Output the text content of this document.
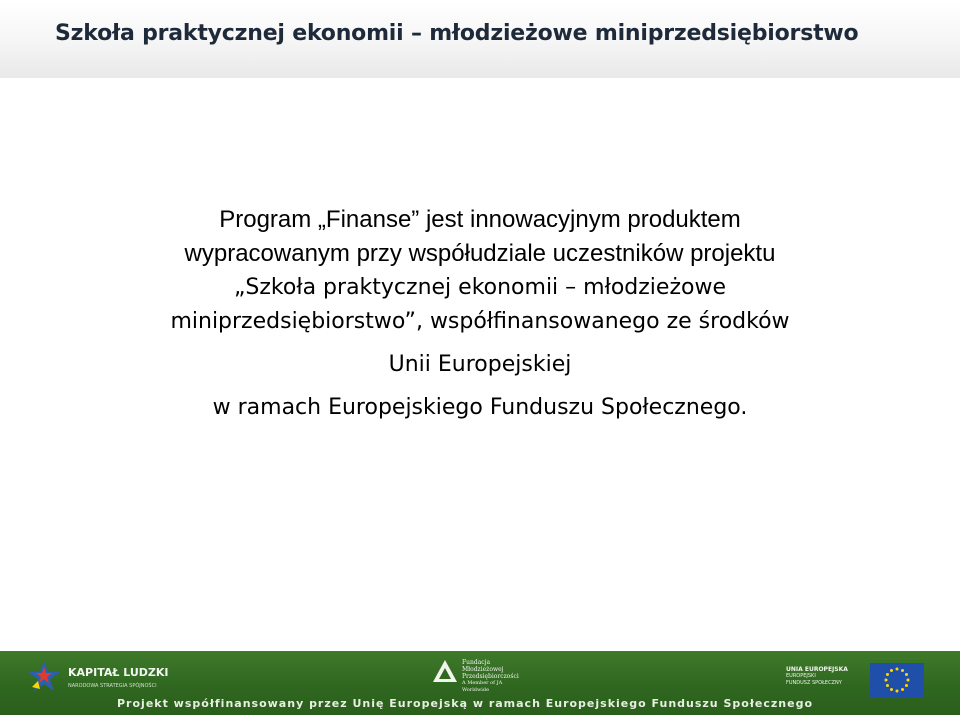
Szkoła praktycznej ekonomii – młodzieżowe miniprzedsiębiorstwo
Program „Finanse” jest innowacyjnym produktem
wypracowanym przy współudziale uczestników projektu
„Szkoła praktycznej ekonomii – młodzieżowe
miniprzedsiębiorstwo”, współfinansowanego ze środków
Unii Europejskiej
w ramach Europejskiego Funduszu Społecznego.
KAPITAŁ LUDZKI
NARODOWA STRATEGIA SPÓJNOŚCI
Fundacja
Młodzieżowej
Przedsiębiorczości
A Member of JA Worldwide
UNIA EUROPEJSKA
EUROPEJSKI
FUNDUSZ SPOŁECZNY
Projekt współfinansowany przez Unię Europejską w ramach Europejskiego Funduszu Społecznego
